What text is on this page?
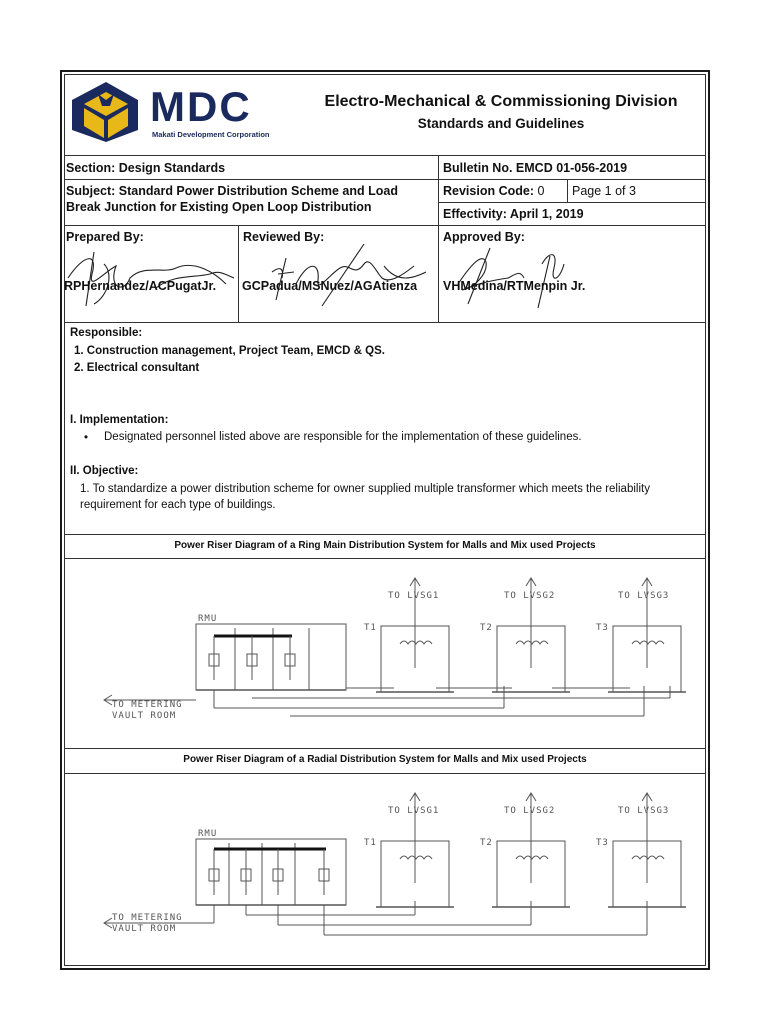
MDC
Makati Development Corporation
Electro-Mechanical & Commissioning Division
Standards and Guidelines
Section: Design Standards	Bulletin No. EMCD 01-056-2019
Subject: Standard Power Distribution Scheme and Load
Break Junction for Existing Open Loop Distribution
Revision Code: 0 Page 1 of 3
Effectivity: April 1, 2019
Prepared By:	Reviewed By:	Approved By:
RPHernandez/ACPugatJr. GCPadua/MSNuez/AGAtienza VHMedina/RTMenpin Jr.
Responsible:
1. Construction management, Project Team, EMCD & QS.
2. Electrical consultant
I. Implementation:
• Designated personnel listed above are responsible for the implementation of these guidelines.
II. Objective:
1. To standardize a power distribution scheme for owner supplied multiple transformer which meets the reliability
requirement for each type of buildings.
Power Riser Diagram of a Ring Main Distribution System for Malls and Mix used Projects
RMU
TO METERING
VAULT ROOM
TO LVSG1	TO LVSG2	TO LVSG3
T1	T2	T3
Power Riser Diagram of a Radial Distribution System for Malls and Mix used Projects
RMU
TO METERING
VAULT ROOM
TO LVSG1	TO LVSG2	TO LVSG3
T1	T2	T3
